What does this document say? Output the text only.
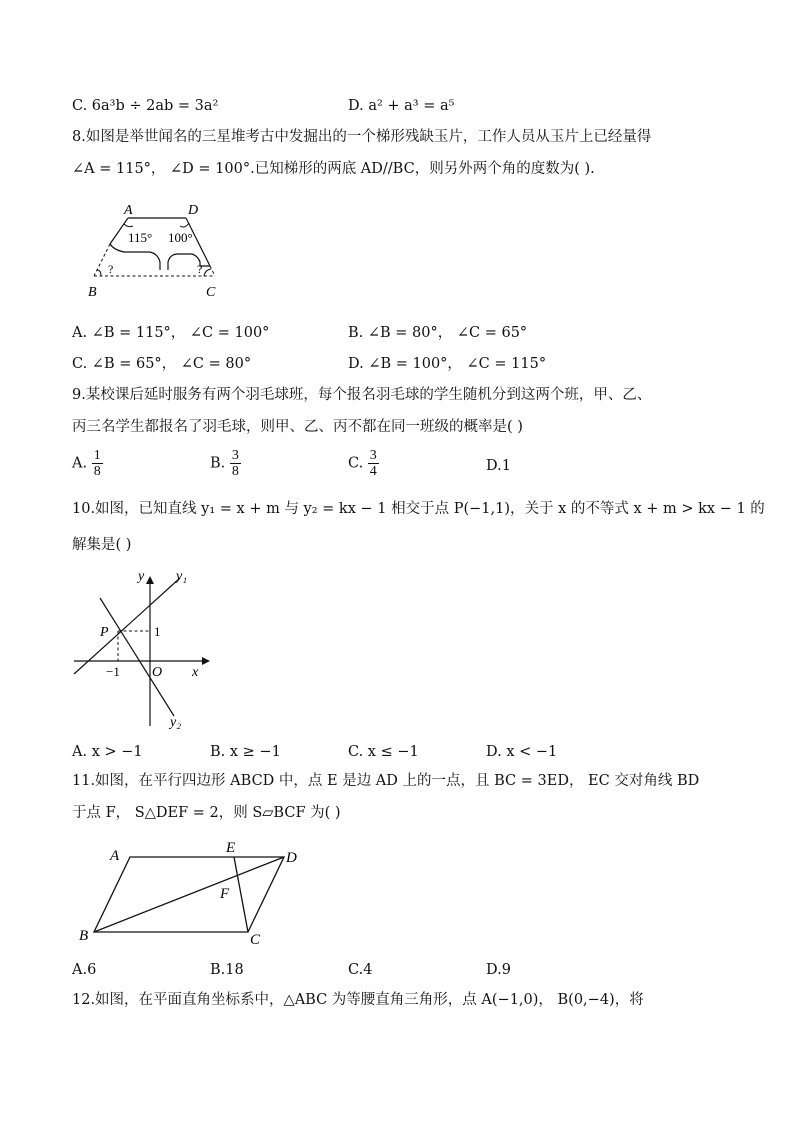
C. 6a³b ÷ 2ab = 3a²	D. a² + a³ = a⁵
8.如图是举世闻名的三星堆考古中发掘出的一个梯形残缺玉片，工作人员从玉片上已经量得
∠A = 115°， ∠D = 100°.已知梯形的两底 AD//BC，则另外两个角的度数为( ).
A	D
115° 100°
?	?
B	C
A. ∠B = 115°， ∠C = 100°	B. ∠B = 80°， ∠C = 65°
C. ∠B = 65°， ∠C = 80°	D. ∠B = 100°， ∠C = 115°
9.某校课后延时服务有两个羽毛球班，每个报名羽毛球的学生随机分到这两个班，甲、乙、
丙三名学生都报名了羽毛球，则甲、乙、丙不都在同一班级的概率是( )
A. $\frac{1}{8}$	B. $\frac{3}{8}$	C. $\frac{3}{4}$	D.1
10.如图，已知直线 y₁ = x + m 与 y₂ = kx − 1 相交于点 P(−1,1)，关于 x 的不等式 x + m > kx − 1 的
解集是( )
y y₁
P	1
−1 O x
y₂
A. x > −1	B. x ≥ −1	C. x ≤ −1	D. x < −1
11.如图，在平行四边形 ABCD 中，点 E 是边 AD 上的一点，且 BC = 3ED， EC 交对角线 BD
于点 F， S△DEF = 2，则 S▱BCF 为( )
A	E
D
F
B	C
A.6	B.18	C.4	D.9
12.如图，在平面直角坐标系中，△ABC 为等腰直角三角形，点 A(−1,0)， B(0,−4)，将
